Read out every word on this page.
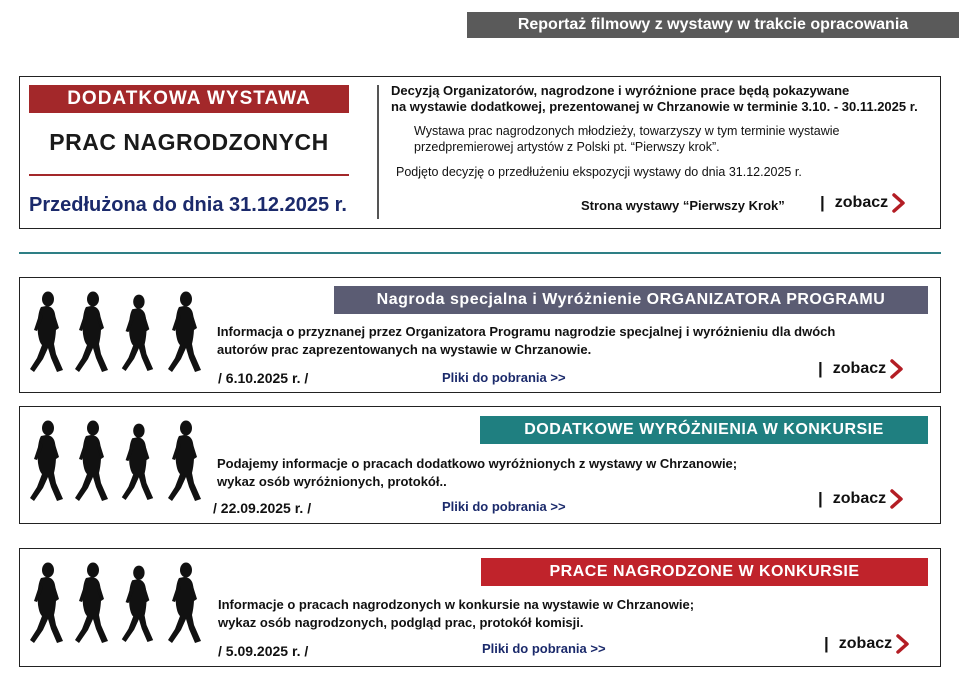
Reportaż filmowy z wystawy w trakcie opracowania
DODATKOWA WYSTAWA
PRAC NAGRODZONYCH
Przedłużona do dnia 31.12.2025 r.
Decyzją Organizatorów, nagrodzone i wyróżnione prace będą pokazywane
na wystawie dodatkowej, prezentowanej w Chrzanowie w terminie 3.10. - 30.11.2025 r.
Wystawa prac nagrodzonych młodzieży, towarzyszy w tym terminie wystawie
przedpremierowej artystów z Polski pt. “Pierwszy krok”.
Podjęto decyzję o przedłużeniu ekspozycji wystawy do dnia 31.12.2025 r.
Strona wystawy “Pierwszy Krok” | zobacz
Nagroda specjalna i Wyróżnienie ORGANIZATORA PROGRAMU
Informacja o przyznanej przez Organizatora Programu nagrodzie specjalnej i wyróżnieniu dla dwóch
autorów prac zaprezentowanych na wystawie w Chrzanowie.
/ 6.10.2025 r. /	Pliki do pobrania >>	| zobacz
DODATKOWE WYRÓŻNIENIA W KONKURSIE
Podajemy informacje o pracach dodatkowo wyróżnionych z wystawy w Chrzanowie;
wykaz osób wyróżnionych, protokół..
/ 22.09.2025 r. /	Pliki do pobrania >>	| zobacz
PRACE NAGRODZONE W KONKURSIE
Informacje o pracach nagrodzonych w konkursie na wystawie w Chrzanowie;
wykaz osób nagrodzonych, podgląd prac, protokół komisji.
/ 5.09.2025 r. /	Pliki do pobrania >>	| zobacz
